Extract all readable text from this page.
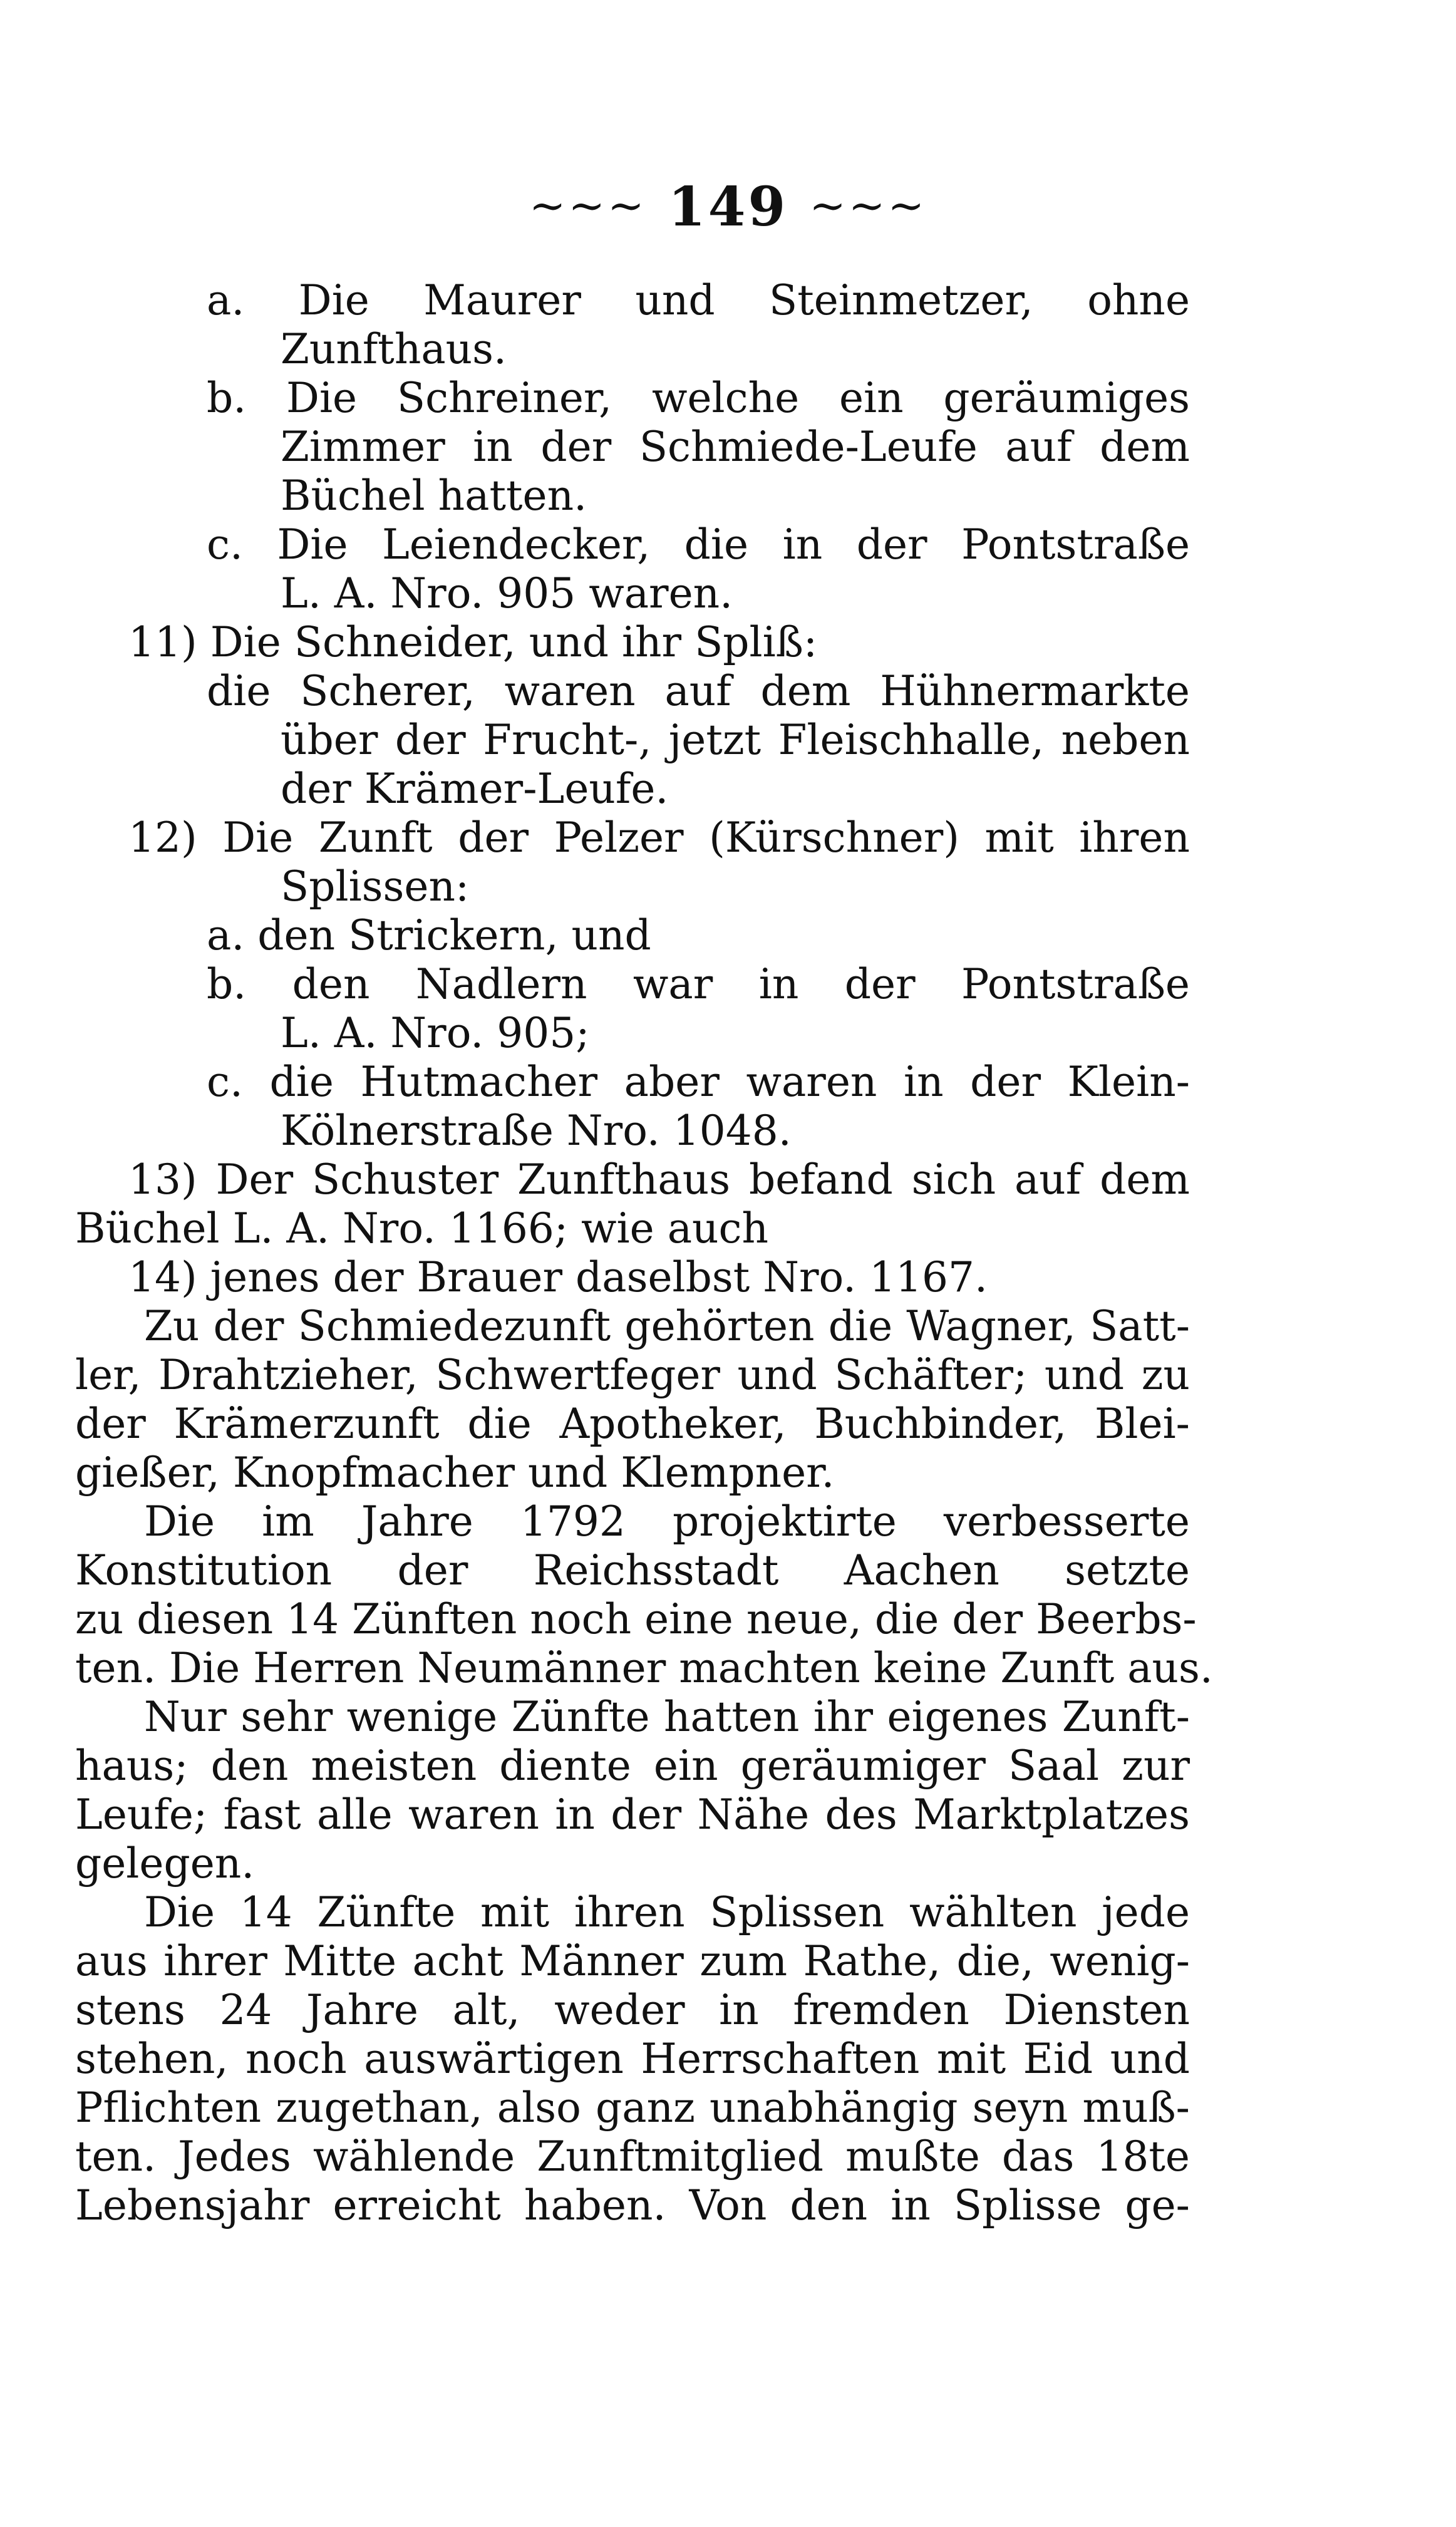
~~~ 149 ~~~
a. Die Maurer und Steinmetzer, ohne
Zunfthaus.
b. Die Schreiner, welche ein geräumiges
Zimmer in der Schmiede-Leufe auf dem
Büchel hatten.
c. Die Leiendecker, die in der Pontstraße
L. A. Nro. 905 waren.
11) Die Schneider, und ihr Spliß:
die Scherer, waren auf dem Hühnermarkte
über der Frucht-, jetzt Fleischhalle, neben
der Krämer-Leufe.
12) Die Zunft der Pelzer (Kürschner) mit ihren
Splissen:
a. den Strickern, und
b. den Nadlern war in der Pontstraße
L. A. Nro. 905;
c. die Hutmacher aber waren in der Klein-
Kölnerstraße Nro. 1048.
13) Der Schuster Zunfthaus befand sich auf dem
Büchel L. A. Nro. 1166; wie auch
14) jenes der Brauer daselbst Nro. 1167.
Zu der Schmiedezunft gehörten die Wagner, Satt-
ler, Drahtzieher, Schwertfeger und Schäfter; und zu
der Krämerzunft die Apotheker, Buchbinder, Blei-
gießer, Knopfmacher und Klempner.
Die im Jahre 1792 projektirte verbesserte
Konstitution der Reichsstadt Aachen setzte
zu diesen 14 Zünften noch eine neue, die der Beerbs-
ten. Die Herren Neumänner machten keine Zunft aus.
Nur sehr wenige Zünfte hatten ihr eigenes Zunft-
haus; den meisten diente ein geräumiger Saal zur
Leufe; fast alle waren in der Nähe des Marktplatzes
gelegen.
Die 14 Zünfte mit ihren Splissen wählten jede
aus ihrer Mitte acht Männer zum Rathe, die, wenig-
stens 24 Jahre alt, weder in fremden Diensten
stehen, noch auswärtigen Herrschaften mit Eid und
Pflichten zugethan, also ganz unabhängig seyn muß-
ten. Jedes wählende Zunftmitglied mußte das 18te
Lebensjahr erreicht haben. Von den in Splisse ge-
